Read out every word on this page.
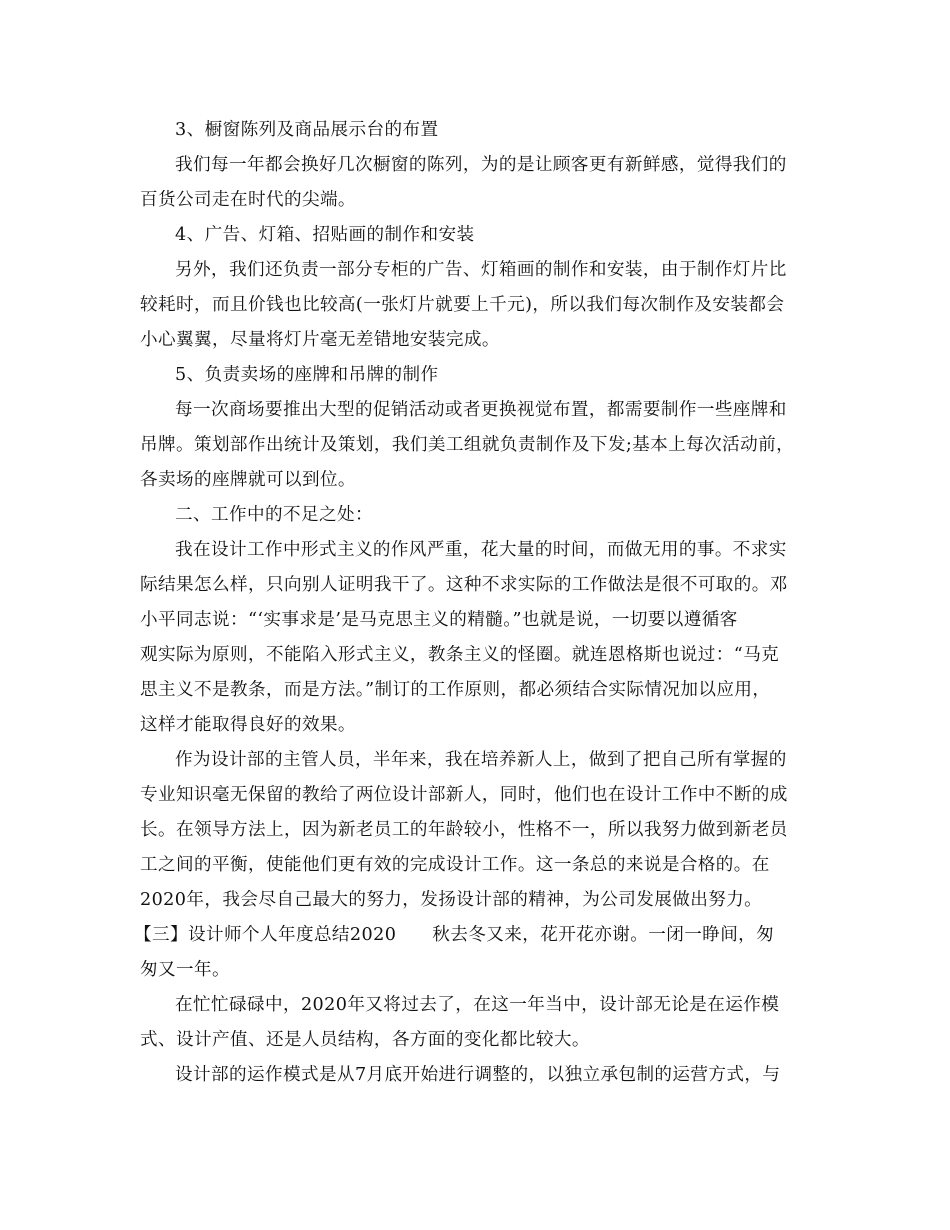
3、橱窗陈列及商品展示台的布置
我们每一年都会换好几次橱窗的陈列，为的是让顾客更有新鲜感，觉得我们的
百货公司走在时代的尖端。
4、广告、灯箱、招贴画的制作和安装
另外，我们还负责一部分专柜的广告、灯箱画的制作和安装，由于制作灯片比
较耗时，而且价钱也比较高(一张灯片就要上千元)，所以我们每次制作及安装都会
小心翼翼，尽量将灯片毫无差错地安装完成。
5、负责卖场的座牌和吊牌的制作
每一次商场要推出大型的促销活动或者更换视觉布置，都需要制作一些座牌和
吊牌。策划部作出统计及策划，我们美工组就负责制作及下发;基本上每次活动前，
各卖场的座牌就可以到位。
二、工作中的不足之处：
我在设计工作中形式主义的作风严重，花大量的时间，而做无用的事。不求实
际结果怎么样，只向别人证明我干了。这种不求实际的工作做法是很不可取的。邓
小平同志说：“‘实事求是’是马克思主义的精髓。”也就是说，一切要以遵循客
观实际为原则，不能陷入形式主义，教条主义的怪圈。就连恩格斯也说过：“马克
思主义不是教条，而是方法。”制订的工作原则，都必须结合实际情况加以应用，
这样才能取得良好的效果。
作为设计部的主管人员，半年来，我在培养新人上，做到了把自己所有掌握的
专业知识毫无保留的教给了两位设计部新人，同时，他们也在设计工作中不断的成
长。在领导方法上，因为新老员工的年龄较小，性格不一，所以我努力做到新老员
工之间的平衡，使能他们更有效的完成设计工作。这一条总的来说是合格的。在
2020年，我会尽自己最大的努力，发扬设计部的精神，为公司发展做出努力。
【三】设计师个人年度总结2020　　秋去冬又来，花开花亦谢。一闭一睁间，匆
匆又一年。
在忙忙碌碌中，2020年又将过去了，在这一年当中，设计部无论是在运作模
式、设计产值、还是人员结构，各方面的变化都比较大。
设计部的运作模式是从7月底开始进行调整的，以独立承包制的运营方式，与
